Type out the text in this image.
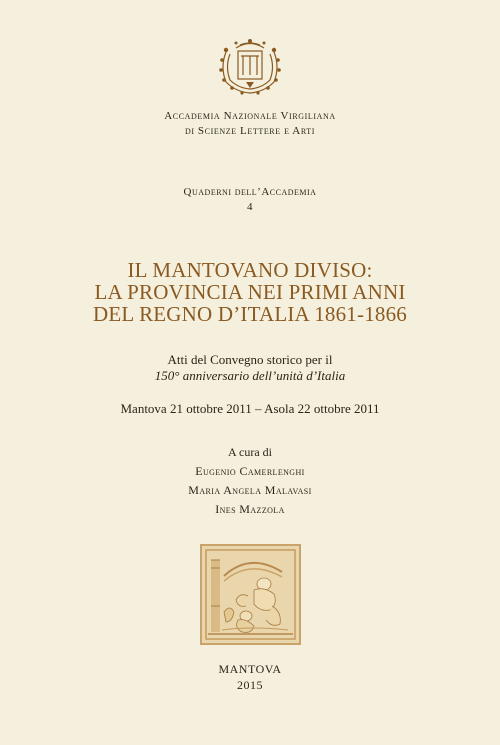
Accademia Nazionale Virgiliana
di Scienze Lettere e Arti
Quaderni dell’Accademia
4
IL MANTOVANO DIVISO:
LA PROVINCIA NEI PRIMI ANNI
DEL REGNO D’ITALIA 1861-1866
Atti del Convegno storico per il
150° anniversario dell’unità d’Italia
Mantova 21 ottobre 2011 – Asola 22 ottobre 2011
A cura di
Eugenio Camerlenghi
Maria Angela Malavasi
Ines Mazzola
MANTOVA
2015
